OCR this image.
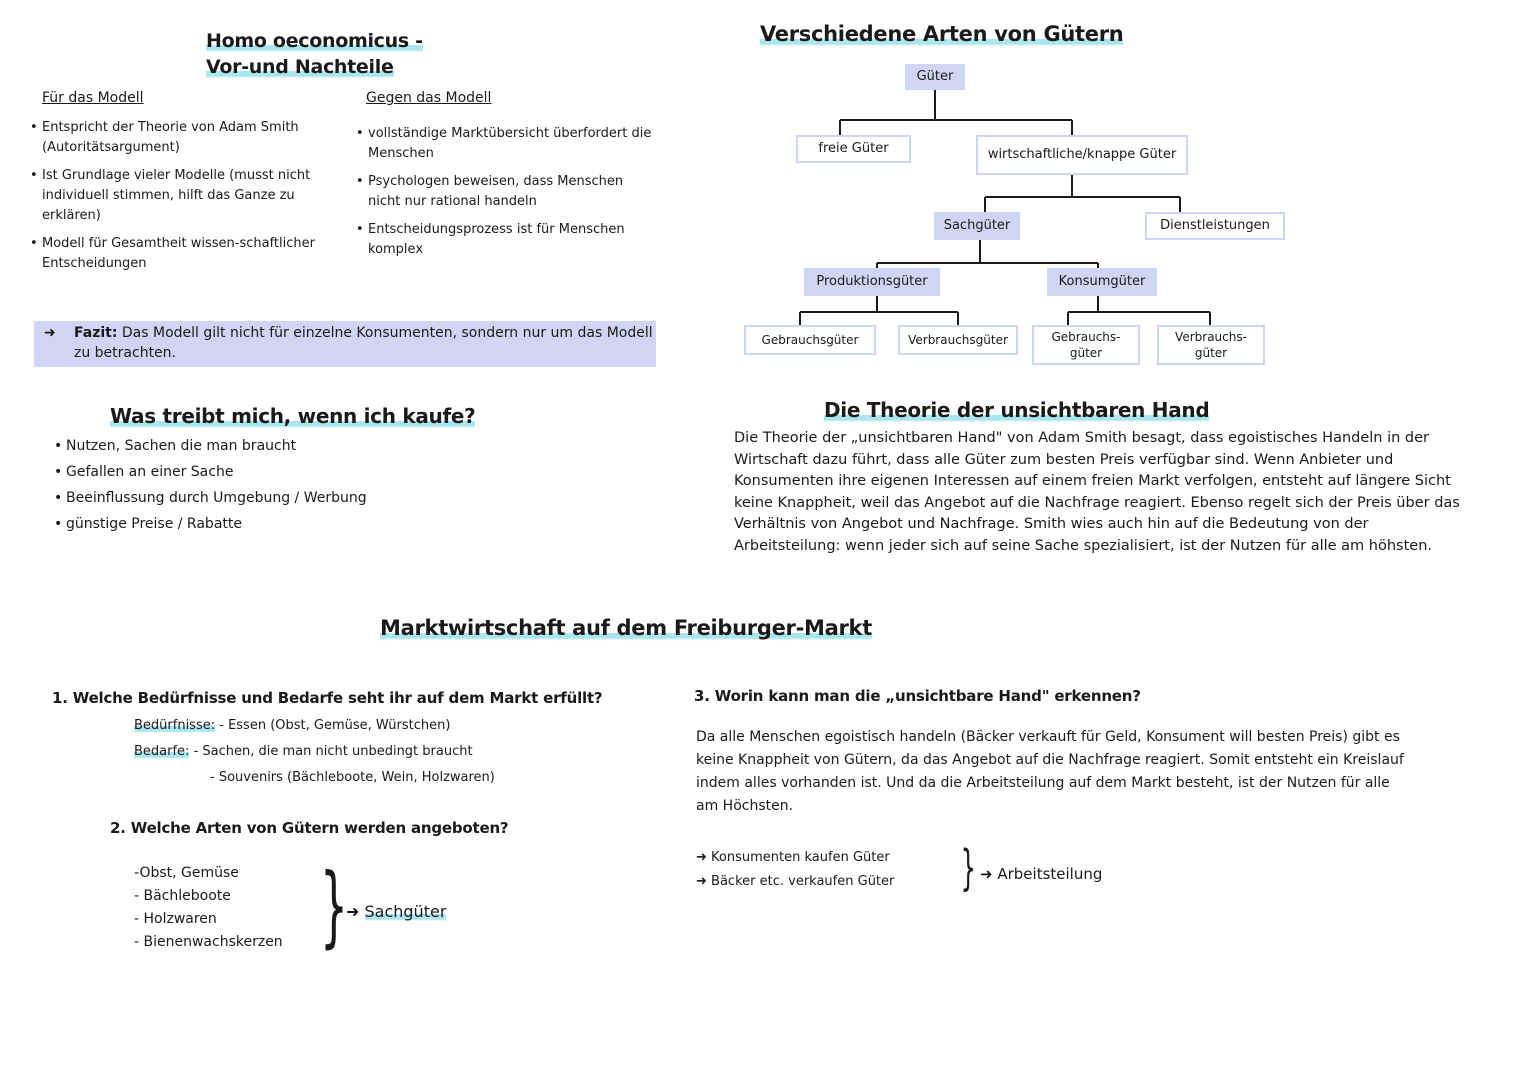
Homo oeconomicus -
Vor-und Nachteile
Für das Modell
• Entspricht der Theorie von Adam Smith (Autoritätsargument)
• Ist Grundlage vieler Modelle (musst nicht individuell stimmen, hilft das Ganze zu erklären)
• Modell für Gesamtheit wissen-schaftlicher Entscheidungen
Gegen das Modell
• vollständige Marktübersicht überfordert die Menschen
• Psychologen beweisen, dass Menschen nicht nur rational handeln
• Entscheidungsprozess ist für Menschen komplex
➜ Fazit: Das Modell gilt nicht für einzelne Konsumenten, sondern nur um das Modell zu betrachten.
Was treibt mich, wenn ich kaufe?
• Nutzen, Sachen die man braucht
• Gefallen an einer Sache
• Beeinflussung durch Umgebung / Werbung
• günstige Preise / Rabatte
Verschiedene Arten von Gütern
Güter
freie Güter	wirtschaftliche/knappe Güter
Sachgüter	Dienstleistungen
Produktionsgüter	Konsumgüter
Gebrauchsgüter	Verbrauchsgüter	Gebrauchs-güter
Verbrauchs-güter
Die Theorie der unsichtbaren Hand
Die Theorie der „unsichtbaren Hand" von Adam Smith besagt, dass egoistisches Handeln in der Wirtschaft dazu führt, dass alle Güter zum besten Preis verfügbar sind. Wenn Anbieter und Konsumenten ihre eigenen Interessen auf einem freien Markt verfolgen, entsteht auf längere Sicht keine Knappheit, weil das Angebot auf die Nachfrage reagiert. Ebenso regelt sich der Preis über das Verhältnis von Angebot und Nachfrage. Smith wies auch hin auf die Bedeutung von der Arbeitsteilung: wenn jeder sich auf seine Sache spezialisiert, ist der Nutzen für alle am höhsten.
Marktwirtschaft auf dem Freiburger-Markt
1. Welche Bedürfnisse und Bedarfe seht ihr auf dem Markt erfüllt?
Bedürfnisse: - Essen (Obst, Gemüse, Würstchen)
Bedarfe: - Sachen, die man nicht unbedingt braucht
- Souvenirs (Bächleboote, Wein, Holzwaren)
2. Welche Arten von Gütern werden angeboten?
-Obst, Gemüse
- Bächleboote
- Holzwaren
- Bienenwachskerzen }
➜ Sachgüter
3. Worin kann man die „unsichtbare Hand" erkennen?
Da alle Menschen egoistisch handeln (Bäcker verkauft für Geld, Konsument will besten Preis) gibt es keine Knappheit von Gütern, da das Angebot auf die Nachfrage reagiert. Somit entsteht ein Kreislauf indem alles vorhanden ist. Und da die Arbeitsteilung auf dem Markt besteht, ist der Nutzen für alle am Höchsten.
➜ Konsumenten kaufen Güter
➜ Bäcker etc. verkaufen Güter } ➜ Arbeitsteilung
